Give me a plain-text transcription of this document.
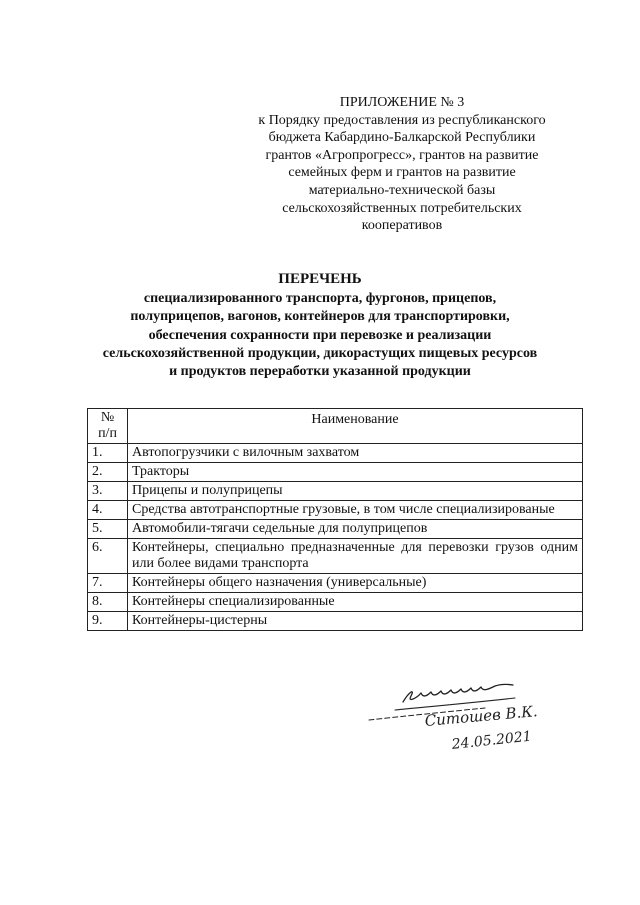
ПРИЛОЖЕНИЕ № 3
к Порядку предоставления из республиканского
бюджета Кабардино-Балкарской Республики
грантов «Агропрогресс», грантов на развитие
семейных ферм и грантов на развитие
материально-технической базы
сельскохозяйственных потребительских
кооперативов
ПЕРЕЧЕНЬ
специализированного транспорта, фургонов, прицепов,
полуприцепов, вагонов, контейнеров для транспортировки,
обеспечения сохранности при перевозке и реализации
сельскохозяйственной продукции, дикорастущих пищевых ресурсов
и продуктов переработки указанной продукции
№
п/п	Наименование
1.	Автопогрузчики с вилочным захватом
2.	Тракторы
3.	Прицепы и полуприцепы
4.	Средства автотранспортные грузовые, в том числе специализированые
5.	Автомобили-тягачи седельные для полуприцепов
6.	Контейнеры, специально предназначенные для перевозки грузов одним или более видами транспорта
7.	Контейнеры общего назначения (универсальные)
8.	Контейнеры специализированные
9.	Контейнеры-цистерны
Ситошев В.К.
24.05.2021
